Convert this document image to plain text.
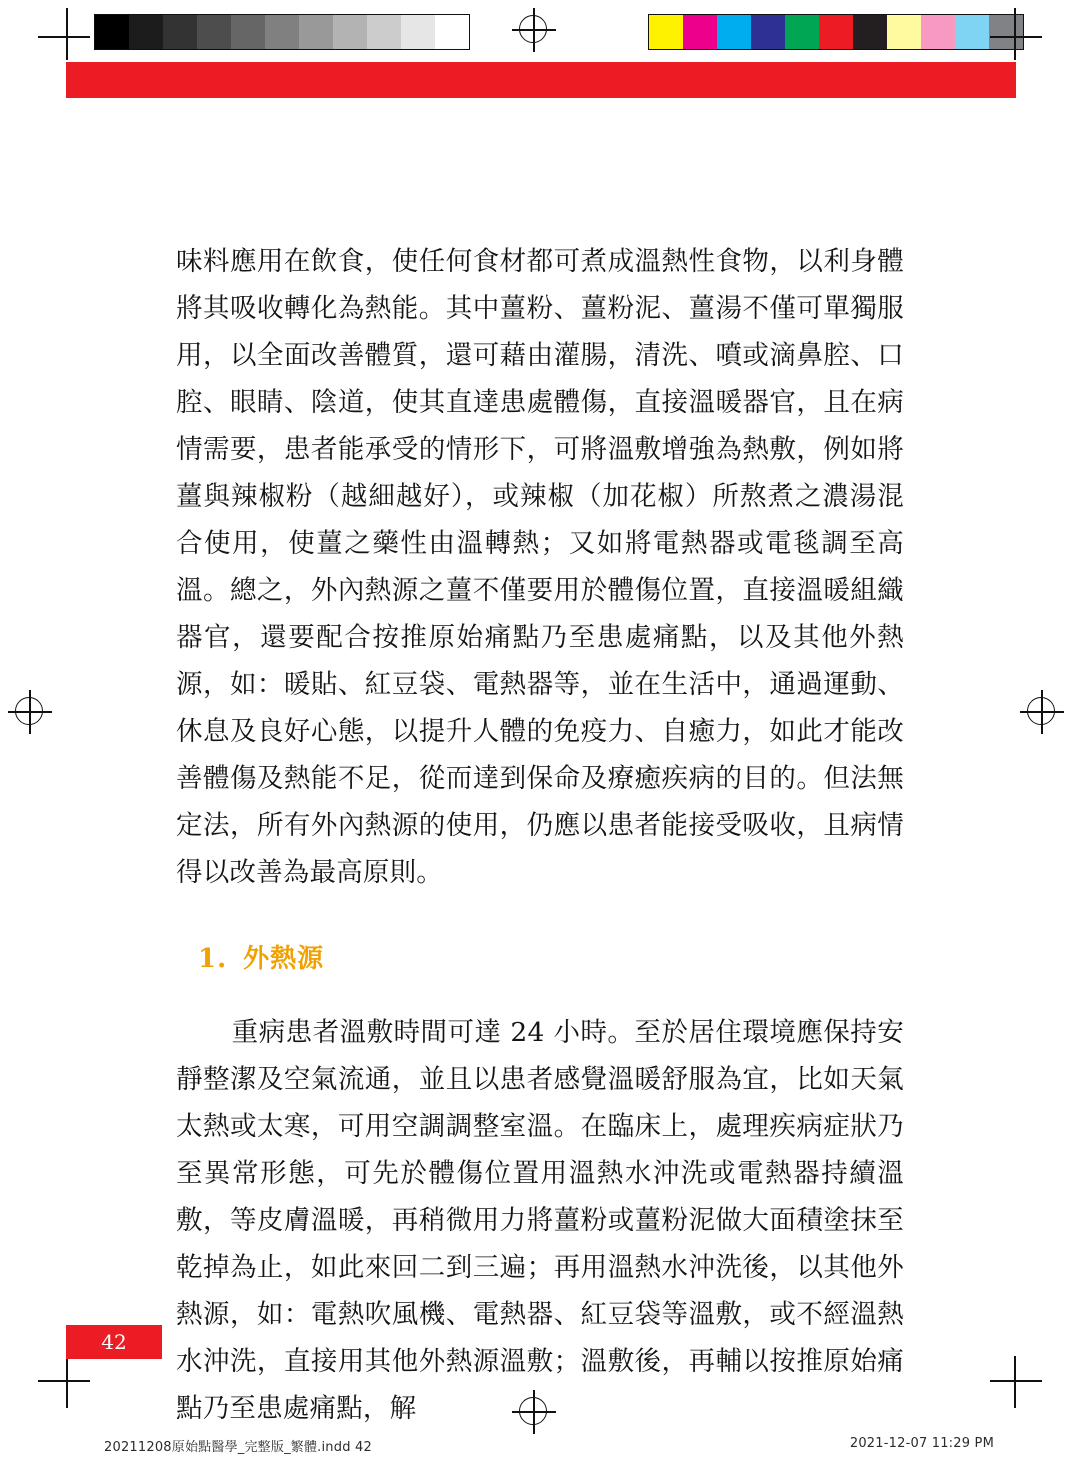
味料應用在飲食，使任何食材都可煮成溫熱性食物，以利身體將其吸收轉化為熱能。其中薑粉、薑粉泥、薑湯不僅可單獨服用，以全面改善體質，還可藉由灌腸，清洗、噴或滴鼻腔、口腔、眼睛、陰道，使其直達患處體傷，直接溫暖器官，且在病情需要，患者能承受的情形下，可將溫敷增強為熱敷，例如將薑與辣椒粉（越細越好），或辣椒（加花椒）所熬煮之濃湯混合使用，使薑之藥性由溫轉熱；又如將電熱器或電毯調至高溫。總之，外內熱源之薑不僅要用於體傷位置，直接溫暖組織器官，還要配合按推原始痛點乃至患處痛點，以及其他外熱源，如：暖貼、紅豆袋、電熱器等，並在生活中，通過運動、休息及良好心態，以提升人體的免疫力、自癒力，如此才能改善體傷及熱能不足，從而達到保命及療癒疾病的目的。但法無定法，所有外內熱源的使用，仍應以患者能接受吸收，且病情得以改善為最高原則。

1. 外熱源

重病患者溫敷時間可達 24 小時。至於居住環境應保持安靜整潔及空氣流通，並且以患者感覺溫暖舒服為宜，比如天氣太熱或太寒，可用空調調整室溫。在臨床上，處理疾病症狀乃至異常形態，可先於體傷位置用溫熱水沖洗或電熱器持續溫敷，等皮膚溫暖，再稍微用力將薑粉或薑粉泥做大面積塗抹至乾掉為止，如此來回二到三遍；再用溫熱水沖洗後，以其他外熱源，如：電熱吹風機、電熱器、紅豆袋等溫敷，或不經溫熱水沖洗，直接用其他外熱源溫敷；溫敷後，再輔以按推原始痛點乃至患處痛點，解

42
20211208原始點醫學_完整版_繁體.indd 42	2021-12-07 11:29 PM
